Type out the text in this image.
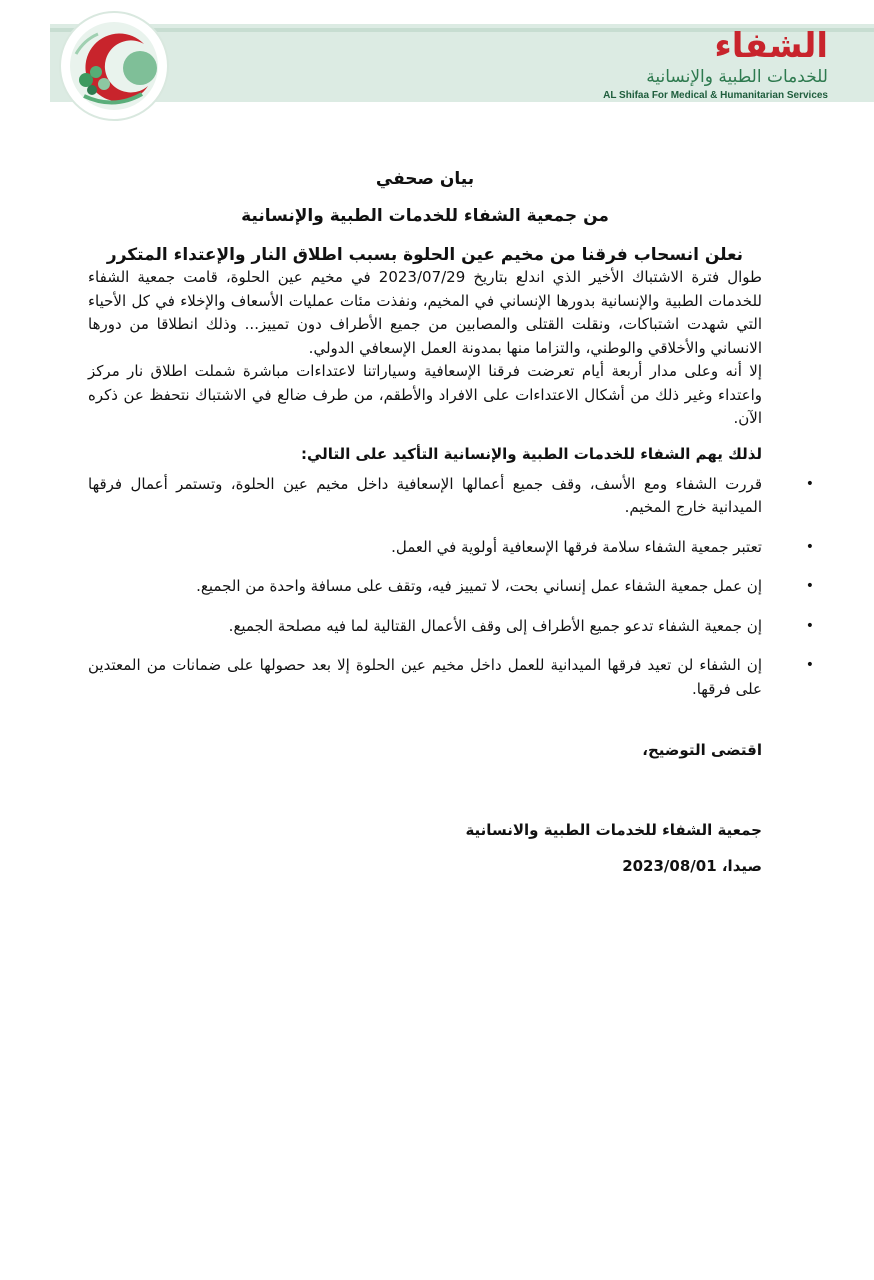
الشفاء
للخدمات الطبية والإنسانية
AL Shifaa For Medical & Humanitarian Services
بيان صحفي
من جمعية الشفاء للخدمات الطبية والإنسانية
نعلن انسحاب فرقنا من مخيم عين الحلوة بسبب اطلاق النار والإعتداء المتكرر

طوال فترة الاشتباك الأخير الذي اندلع بتاريخ 2023/07/29 في مخيم عين الحلوة، قامت جمعية الشفاء للخدمات الطبية والإنسانية بدورها الإنساني في المخيم، ونفذت مئات عمليات الأسعاف والإخلاء في كل الأحياء التي شهدت اشتباكات، ونقلت القتلى والمصابين من جميع الأطراف دون تمييز... وذلك انطلاقا من دورها الانساني والأخلاقي والوطني، والتزاما منها بمدونة العمل الإسعافي الدولي.

إلا أنه وعلى مدار أربعة أيام تعرضت فرقنا الإسعافية وسياراتنا لاعتداءات مباشرة شملت اطلاق نار مركز واعتداء وغير ذلك من أشكال الاعتداءات على الافراد والأطقم، من طرف ضالع في الاشتباك نتحفظ عن ذكره الآن.

لذلك يهم الشفاء للخدمات الطبية والإنسانية التأكيد على التالي:
•
قررت الشفاء ومع الأسف، وقف جميع أعمالها الإسعافية داخل مخيم عين الحلوة، وتستمر أعمال فرقها الميدانية خارج المخيم.
•
تعتبر جمعية الشفاء سلامة فرقها الإسعافية أولوية في العمل.
•
إن عمل جمعية الشفاء عمل إنساني بحت، لا تمييز فيه، وتقف على مسافة واحدة من الجميع.
•
إن جمعية الشفاء تدعو جميع الأطراف إلى وقف الأعمال القتالية لما فيه مصلحة الجميع.
•
إن الشفاء لن تعيد فرقها الميدانية للعمل داخل مخيم عين الحلوة إلا بعد حصولها على ضمانات من المعتدين على فرقها.
اقتضى التوضيح،
جمعية الشفاء للخدمات الطبية والانسانية
صيدا، 2023/08/01
